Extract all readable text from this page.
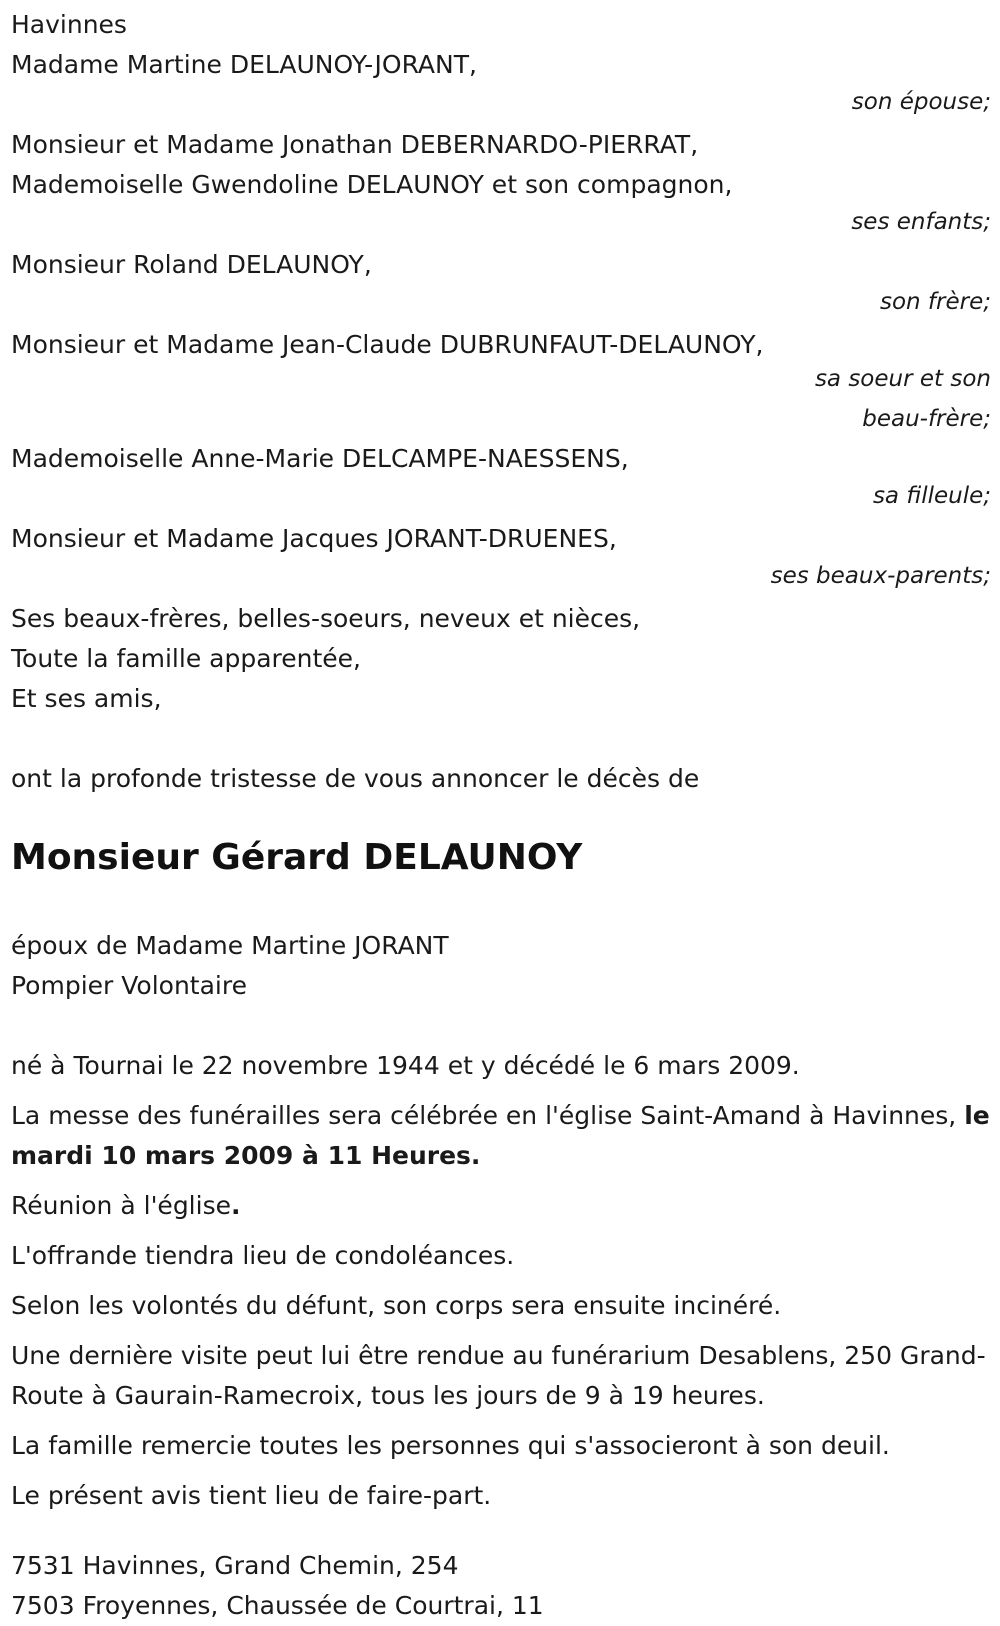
Havinnes
Madame Martine DELAUNOY-JORANT,
son épouse;
Monsieur et Madame Jonathan DEBERNARDO-PIERRAT,
Mademoiselle Gwendoline DELAUNOY et son compagnon,
ses enfants;
Monsieur Roland DELAUNOY,
son frère;
Monsieur et Madame Jean-Claude DUBRUNFAUT-DELAUNOY,
sa soeur et son
beau-frère;
Mademoiselle Anne-Marie DELCAMPE-NAESSENS,
sa filleule;
Monsieur et Madame Jacques JORANT-DRUENES,
ses beaux-parents;
Ses beaux-frères, belles-soeurs, neveux et nièces,
Toute la famille apparentée,
Et ses amis,
ont la profonde tristesse de vous annoncer le décès de
Monsieur Gérard DELAUNOY
époux de Madame Martine JORANT
Pompier Volontaire
né à Tournai le 22 novembre 1944 et y décédé le 6 mars 2009.
La messe des funérailles sera célébrée en l'église Saint-Amand à Havinnes, le mardi 10 mars 2009 à 11 Heures.
Réunion à l'église.
L'offrande tiendra lieu de condoléances.
Selon les volontés du défunt, son corps sera ensuite incinéré.
Une dernière visite peut lui être rendue au funérarium Desablens, 250 Grand-Route à Gaurain-Ramecroix, tous les jours de 9 à 19 heures.
La famille remercie toutes les personnes qui s'associeront à son deuil.
Le présent avis tient lieu de faire-part.
7531 Havinnes, Grand Chemin, 254
7503 Froyennes, Chaussée de Courtrai, 11
